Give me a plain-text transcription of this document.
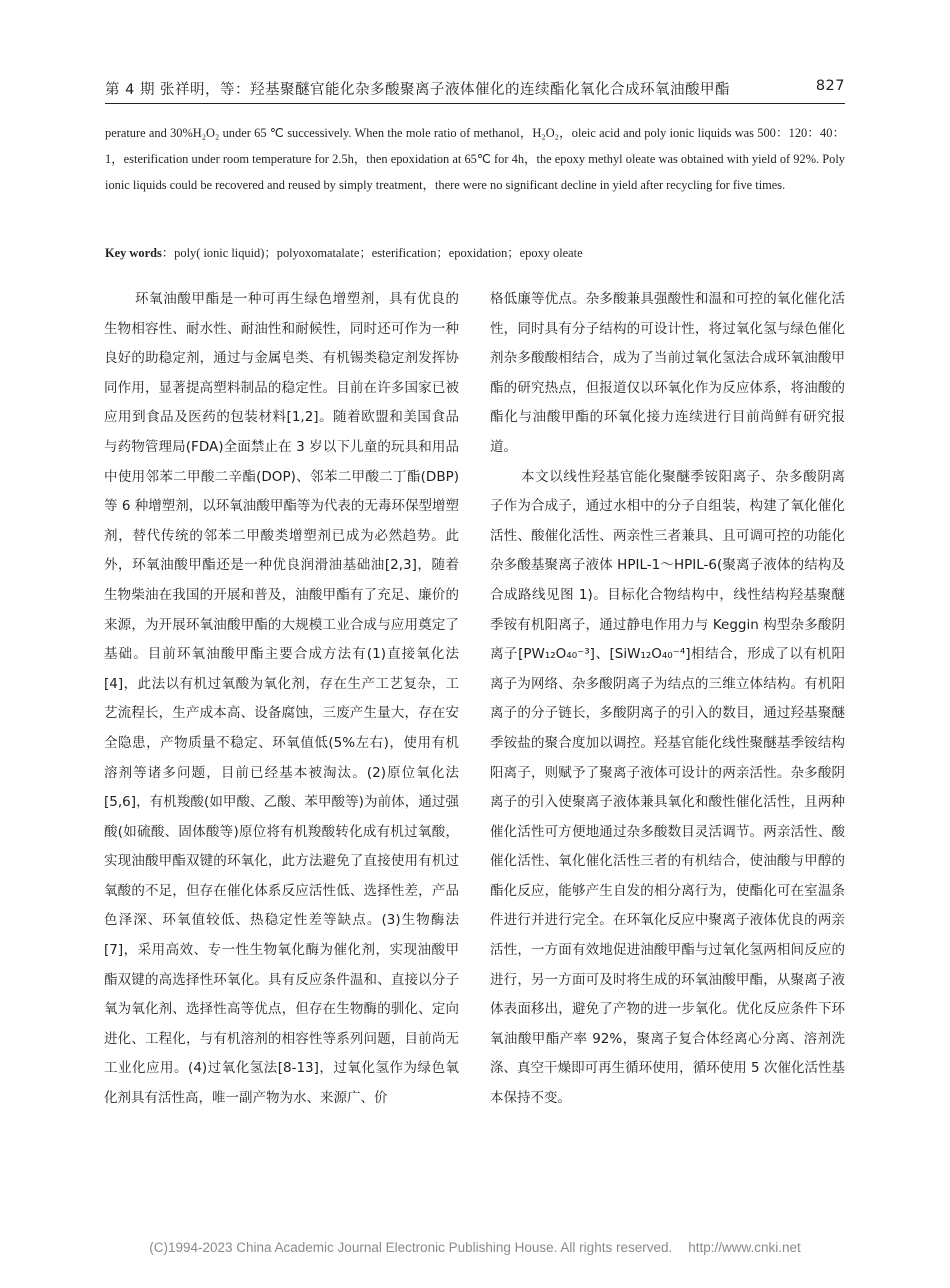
第 4 期 张祥明，等：羟基聚醚官能化杂多酸聚离子液体催化的连续酯化氧化合成环氧油酸甲酯	827
perature and 30%H₂O₂ under 65 ℃ successively. When the mole ratio of methanol，H₂O₂，oleic acid and poly ionic liquids was 500：120：40：1，esterification under room temperature for 2.5h，then epoxidation at 65℃ for 4h，the epoxy methyl oleate was obtained with yield of 92%. Poly ionic liquids could be recovered and reused by simply treatment，there were no significant decline in yield after recycling for five times.
Key words：poly( ionic liquid)；polyoxomatalate；esterification；epoxidation；epoxy oleate

环氧油酸甲酯是一种可再生绿色增塑剂，具有优良的生物相容性、耐水性、耐油性和耐候性，同时还可作为一种良好的助稳定剂，通过与金属皂类、有机锡类稳定剂发挥协同作用，显著提高塑料制品的稳定性。目前在许多国家已被应用到食品及医药的包装材料[1,2]。随着欧盟和美国食品与药物管理局(FDA)全面禁止在 3 岁以下儿童的玩具和用品中使用邻苯二甲酸二辛酯(DOP)、邻苯二甲酸二丁酯(DBP)等 6 种增塑剂，以环氧油酸甲酯等为代表的无毒环保型增塑剂，替代传统的邻苯二甲酸类增塑剂已成为必然趋势。此外，环氧油酸甲酯还是一种优良润滑油基础油[2,3]，随着生物柴油在我国的开展和普及，油酸甲酯有了充足、廉价的来源，为开展环氧油酸甲酯的大规模工业合成与应用奠定了基础。目前环氧油酸甲酯主要合成方法有(1)直接氧化法[4]，此法以有机过氧酸为氧化剂，存在生产工艺复杂，工艺流程长，生产成本高、设备腐蚀，三废产生量大，存在安全隐患，产物质量不稳定、环氧值低(5%左右)，使用有机溶剂等诸多问题，目前已经基本被淘汰。(2)原位氧化法[5,6]，有机羧酸(如甲酸、乙酸、苯甲酸等)为前体，通过强酸(如硫酸、固体酸等)原位将有机羧酸转化成有机过氧酸，实现油酸甲酯双键的环氧化，此方法避免了直接使用有机过氧酸的不足，但存在催化体系反应活性低、选择性差，产品色泽深、环氧值较低、热稳定性差等缺点。(3)生物酶法[7]，采用高效、专一性生物氧化酶为催化剂，实现油酸甲酯双键的高选择性环氧化。具有反应条件温和、直接以分子氧为氧化剂、选择性高等优点，但存在生物酶的驯化、定向进化、工程化，与有机溶剂的相容性等系列问题，目前尚无工业化应用。(4)过氧化氢法[8-13]，过氧化氢作为绿色氧化剂具有活性高，唯一副产物为水、来源广、价

格低廉等优点。杂多酸兼具强酸性和温和可控的氧化催化活性，同时具有分子结构的可设计性，将过氧化氢与绿色催化剂杂多酸酸相结合，成为了当前过氧化氢法合成环氧油酸甲酯的研究热点，但报道仅以环氧化作为反应体系，将油酸的酯化与油酸甲酯的环氧化接力连续进行目前尚鲜有研究报道。

本文以线性羟基官能化聚醚季铵阳离子、杂多酸阴离子作为合成子，通过水相中的分子自组装，构建了氧化催化活性、酸催化活性、两亲性三者兼具、且可调可控的功能化杂多酸基聚离子液体 HPIL-1～HPIL-6(聚离子液体的结构及合成路线见图 1)。目标化合物结构中，线性结构羟基聚醚季铵有机阳离子，通过静电作用力与 Keggin 构型杂多酸阴离子[PW₁₂O₄₀⁻³]、[SiW₁₂O₄₀⁻⁴]相结合，形成了以有机阳离子为网络、杂多酸阴离子为结点的三维立体结构。有机阳离子的分子链长，多酸阴离子的引入的数目，通过羟基聚醚季铵盐的聚合度加以调控。羟基官能化线性聚醚基季铵结构阳离子，则赋予了聚离子液体可设计的两亲活性。杂多酸阴离子的引入使聚离子液体兼具氧化和酸性催化活性，且两种催化活性可方便地通过杂多酸数目灵活调节。两亲活性、酸催化活性、氧化催化活性三者的有机结合，使油酸与甲醇的酯化反应，能够产生自发的相分离行为，使酯化可在室温条件进行并进行完全。在环氧化反应中聚离子液体优良的两亲活性，一方面有效地促进油酸甲酯与过氧化氢两相间反应的进行，另一方面可及时将生成的环氧油酸甲酯，从聚离子液体表面移出，避免了产物的进一步氧化。优化反应条件下环氧油酸甲酯产率 92%，聚离子复合体经离心分离、溶剂洗涤、真空干燥即可再生循环使用，循环使用 5 次催化活性基本保持不变。

(C)1994-2023 China Academic Journal Electronic Publishing House. All rights reserved. http://www.cnki.net
